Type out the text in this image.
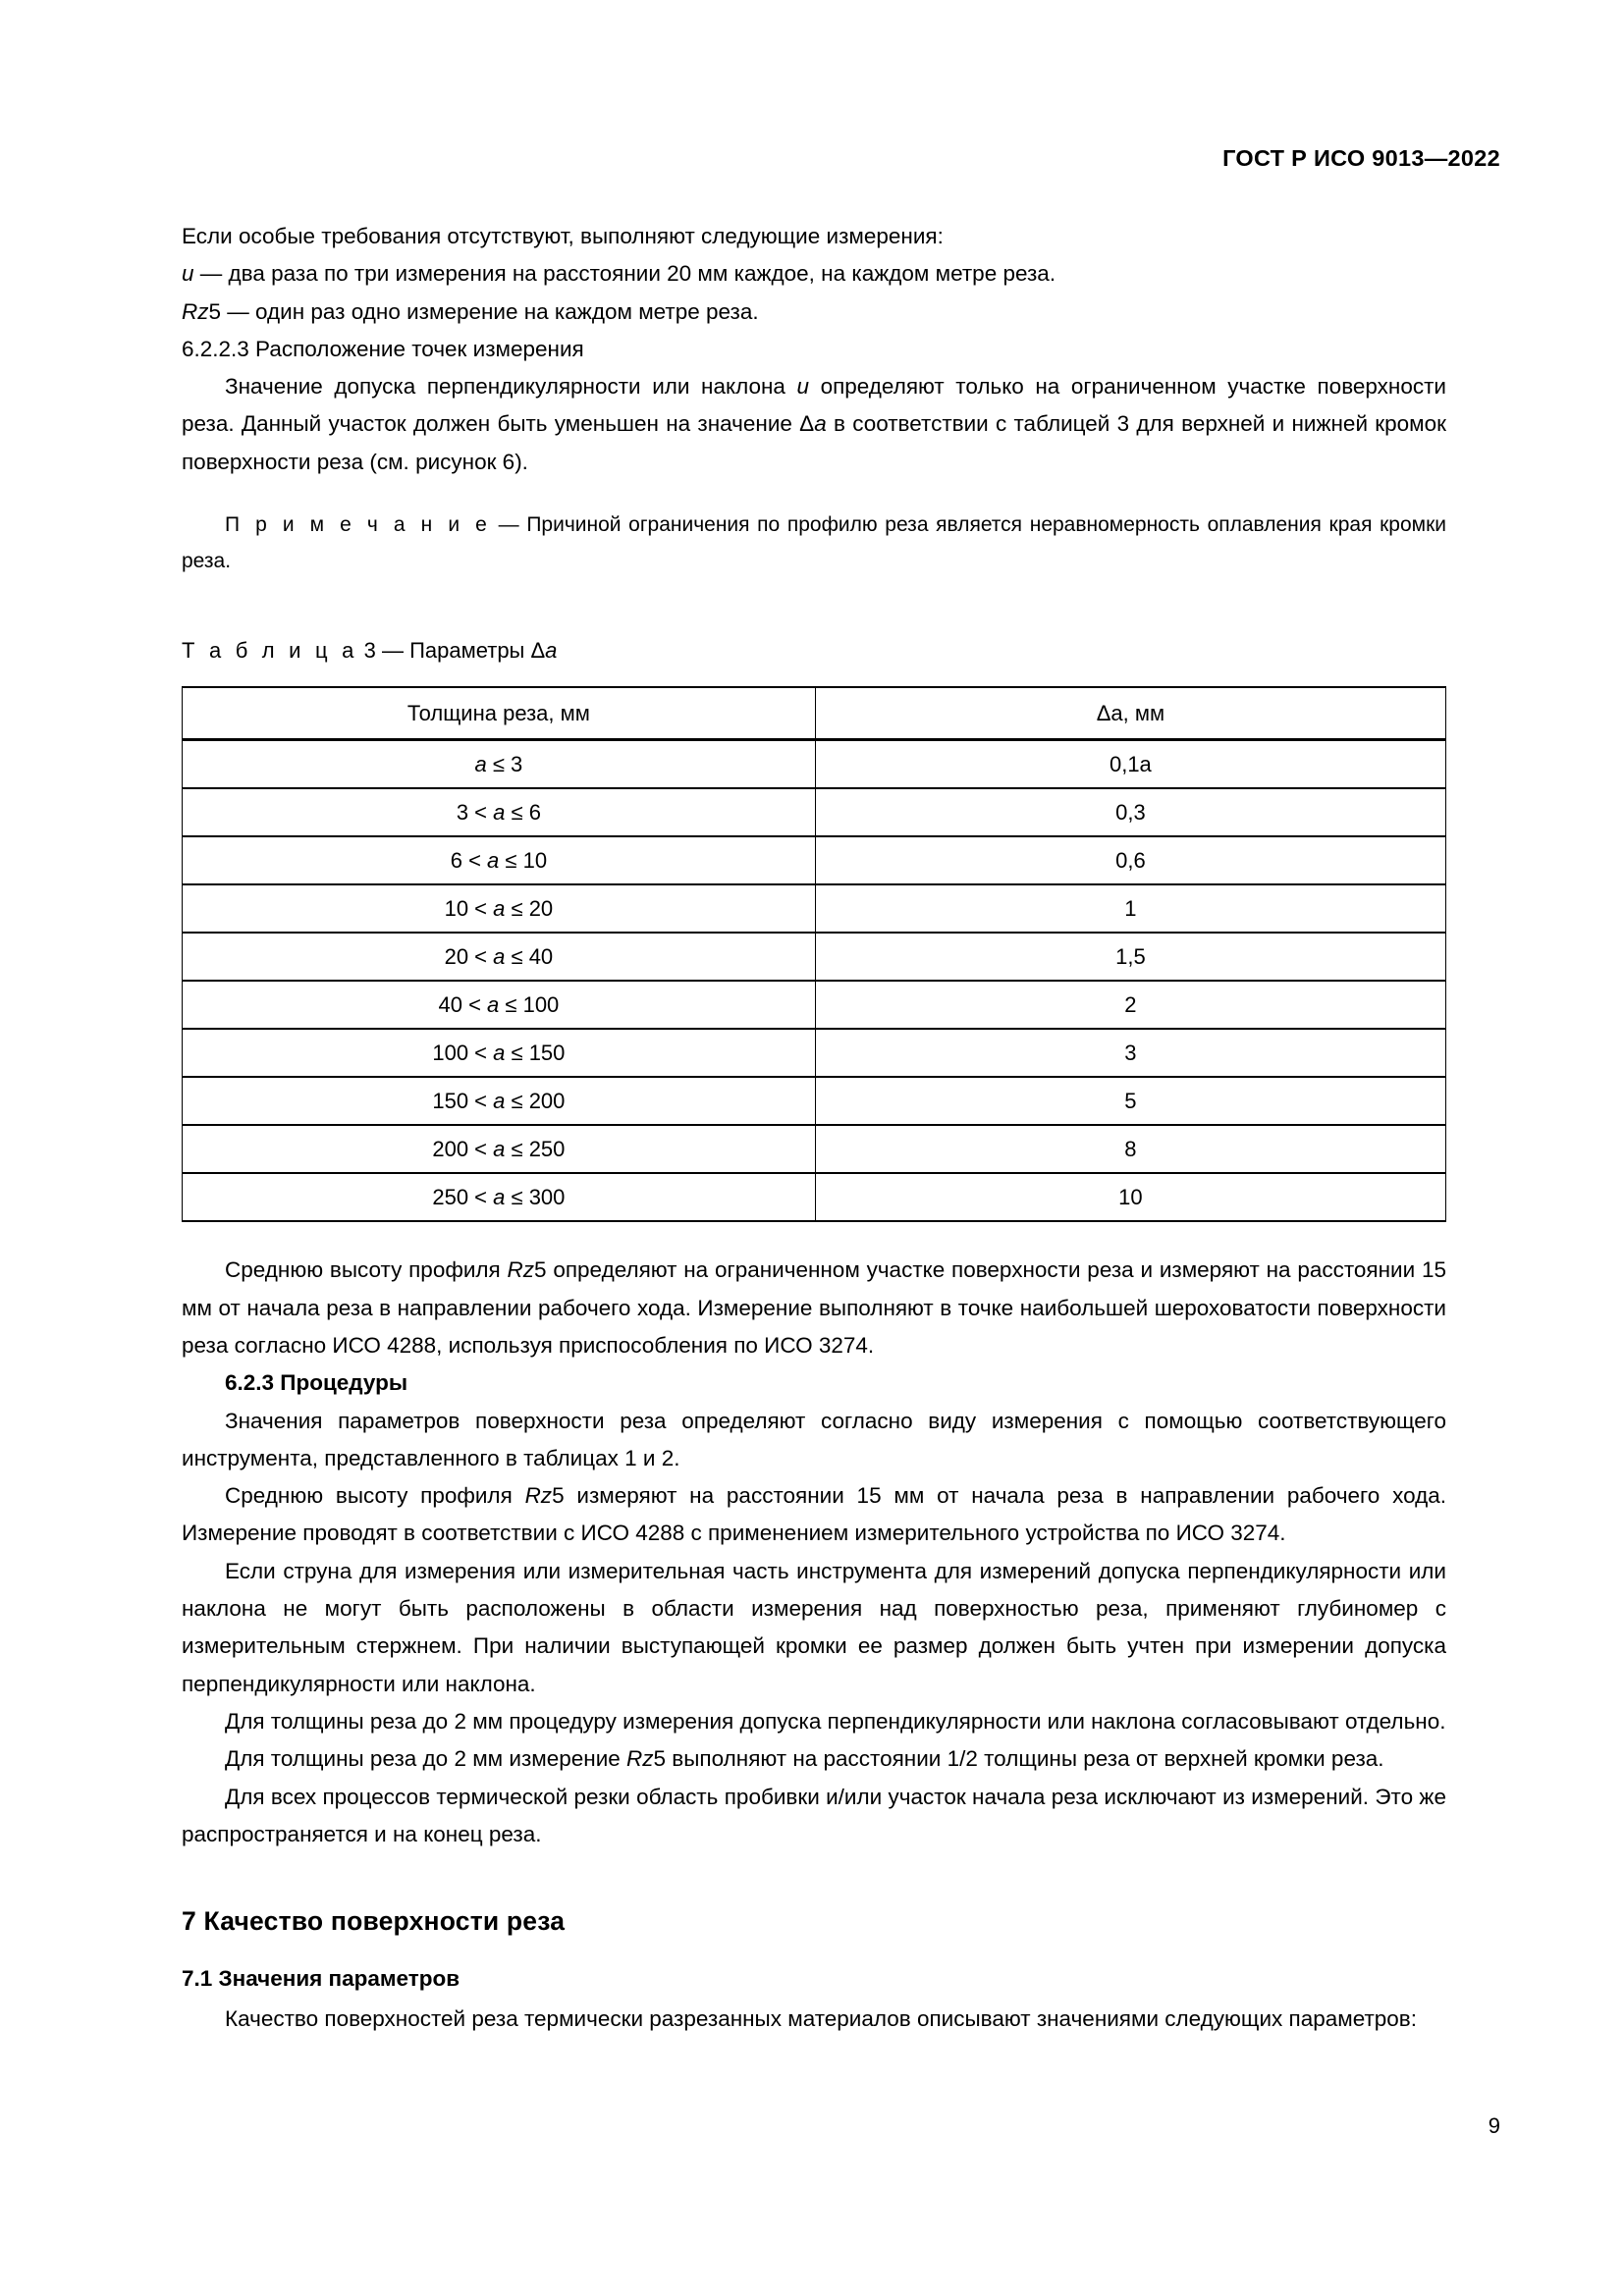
ГОСТ Р ИСО 9013—2022

Если особые требования отсутствуют, выполняют следующие измерения:

u — два раза по три измерения на расстоянии 20 мм каждое, на каждом метре реза.

Rz5 — один раз одно измерение на каждом метре реза.

6.2.2.3 Расположение точек измерения

Значение допуска перпендикулярности или наклона u определяют только на ограниченном участке поверхности реза. Данный участок должен быть уменьшен на значение Δa в соответствии с таблицей 3 для верхней и нижней кромок поверхности реза (см. рисунок 6).

П р и м е ч а н и е — Причиной ограничения по профилю реза является неравномерность оплавления края кромки реза.

Т а б л и ц а 3 — Параметры Δa

Толщина реза, мм	Δa, мм

a ≤ 3	0,1a
3 < a ≤ 6	0,3
6 < a ≤ 10	0,6
10 < a ≤ 20	1
20 < a ≤ 40	1,5
40 < a ≤ 100	2
100 < a ≤ 150	3
150 < a ≤ 200	5
200 < a ≤ 250	8
250 < a ≤ 300	10

Среднюю высоту профиля Rz5 определяют на ограниченном участке поверхности реза и измеряют на расстоянии 15 мм от начала реза в направлении рабочего хода. Измерение выполняют в точке наибольшей шероховатости поверхности реза согласно ИСО 4288, используя приспособления по ИСО 3274.

6.2.3 Процедуры

Значения параметров поверхности реза определяют согласно виду измерения с помощью соответствующего инструмента, представленного в таблицах 1 и 2.

Среднюю высоту профиля Rz5 измеряют на расстоянии 15 мм от начала реза в направлении рабочего хода. Измерение проводят в соответствии с ИСО 4288 с применением измерительного устройства по ИСО 3274.

Если струна для измерения или измерительная часть инструмента для измерений допуска перпендикулярности или наклона не могут быть расположены в области измерения над поверхностью реза, применяют глубиномер с измерительным стержнем. При наличии выступающей кромки ее размер должен быть учтен при измерении допуска перпендикулярности или наклона.

Для толщины реза до 2 мм процедуру измерения допуска перпендикулярности или наклона согласовывают отдельно.

Для толщины реза до 2 мм измерение Rz5 выполняют на расстоянии 1/2 толщины реза от верхней кромки реза.

Для всех процессов термической резки область пробивки и/или участок начала реза исключают из измерений. Это же распространяется и на конец реза.

7 Качество поверхности реза
7.1 Значения параметров

Качество поверхностей реза термически разрезанных материалов описывают значениями следующих параметров:

9
